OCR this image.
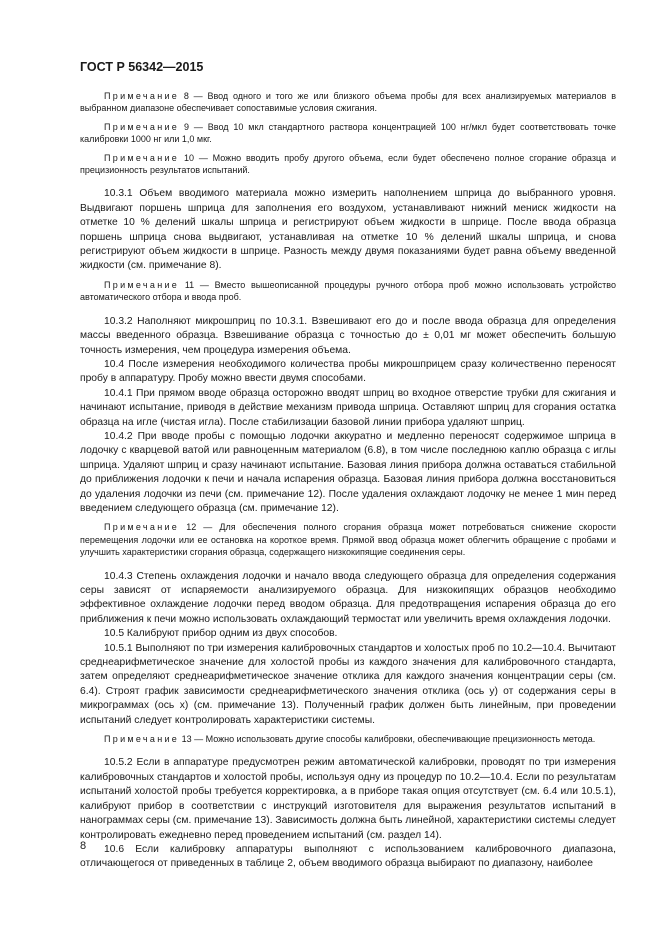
ГОСТ Р 56342—2015

Примечание 8 — Ввод одного и того же или близкого объема пробы для всех анализируемых материалов в выбранном диапазоне обеспечивает сопоставимые условия сжигания.

Примечание 9 — Ввод 10 мкл стандартного раствора концентрацией 100 нг/мкл будет соответствовать точке калибровки 1000 нг или 1,0 мкг.

Примечание 10 — Можно вводить пробу другого объема, если будет обеспечено полное сгорание образца и прецизионность результатов испытаний.

10.3.1 Объем вводимого материала можно измерить наполнением шприца до выбранного уровня. Выдвигают поршень шприца для заполнения его воздухом, устанавливают нижний мениск жидкости на отметке 10 % делений шкалы шприца и регистрируют объем жидкости в шприце. После ввода образца поршень шприца снова выдвигают, устанавливая на отметке 10 % делений шкалы шприца, и снова регистрируют объем жидкости в шприце. Разность между двумя показаниями будет равна объему введенной жидкости (см. примечание 8).

Примечание 11 — Вместо вышеописанной процедуры ручного отбора проб можно использовать устройство автоматического отбора и ввода проб.

10.3.2 Наполняют микрошприц по 10.3.1. Взвешивают его до и после ввода образца для определения массы введенного образца. Взвешивание образца с точностью до ± 0,01 мг может обеспечить большую точность измерения, чем процедура измерения объема.

10.4 После измерения необходимого количества пробы микрошприцем сразу количественно переносят пробу в аппаратуру. Пробу можно ввести двумя способами.

10.4.1 При прямом вводе образца осторожно вводят шприц во входное отверстие трубки для сжигания и начинают испытание, приводя в действие механизм привода шприца. Оставляют шприц для сгорания остатка образца на игле (чистая игла). После стабилизации базовой линии прибора удаляют шприц.

10.4.2 При вводе пробы с помощью лодочки аккуратно и медленно переносят содержимое шприца в лодочку с кварцевой ватой или равноценным материалом (6.8), в том числе последнюю каплю образца с иглы шприца. Удаляют шприц и сразу начинают испытание. Базовая линия прибора должна оставаться стабильной до приближения лодочки к печи и начала испарения образца. Базовая линия прибора должна восстановиться до удаления лодочки из печи (см. примечание 12). После удаления охлаждают лодочку не менее 1 мин перед введением следующего образца (см. примечание 12).

Примечание 12 — Для обеспечения полного сгорания образца может потребоваться снижение скорости перемещения лодочки или ее остановка на короткое время. Прямой ввод образца может облегчить обращение с пробами и улучшить характеристики сгорания образца, содержащего низкокипящие соединения серы.

10.4.3 Степень охлаждения лодочки и начало ввода следующего образца для определения содержания серы зависят от испаряемости анализируемого образца. Для низкокипящих образцов необходимо эффективное охлаждение лодочки перед вводом образца. Для предотвращения испарения образца до его приближения к печи можно использовать охлаждающий термостат или увеличить время охлаждения лодочки.

10.5 Калибруют прибор одним из двух способов.

10.5.1 Выполняют по три измерения калибровочных стандартов и холостых проб по 10.2—10.4. Вычитают среднеарифметическое значение для холостой пробы из каждого значения для калибровочного стандарта, затем определяют среднеарифметическое значение отклика для каждого значения концентрации серы (см. 6.4). Строят график зависимости среднеарифметического значения отклика (ось y) от содержания серы в микрограммах (ось x) (см. примечание 13). Полученный график должен быть линейным, при проведении испытаний следует контролировать характеристики системы.

Примечание 13 — Можно использовать другие способы калибровки, обеспечивающие прецизионность метода.

10.5.2 Если в аппаратуре предусмотрен режим автоматической калибровки, проводят по три измерения калибровочных стандартов и холостой пробы, используя одну из процедур по 10.2—10.4. Если по результатам испытаний холостой пробы требуется корректировка, а в приборе такая опция отсутствует (см. 6.4 или 10.5.1), калибруют прибор в соответствии с инструкций изготовителя для выражения результатов испытаний в нанограммах серы (см. примечание 13). Зависимость должна быть линейной, характеристики системы следует контролировать ежедневно перед проведением испытаний (см. раздел 14).

10.6 Если калибровку аппаратуры выполняют с использованием калибровочного диапазона, отличающегося от приведенных в таблице 2, объем вводимого образца выбирают по диапазону, наиболее

8
